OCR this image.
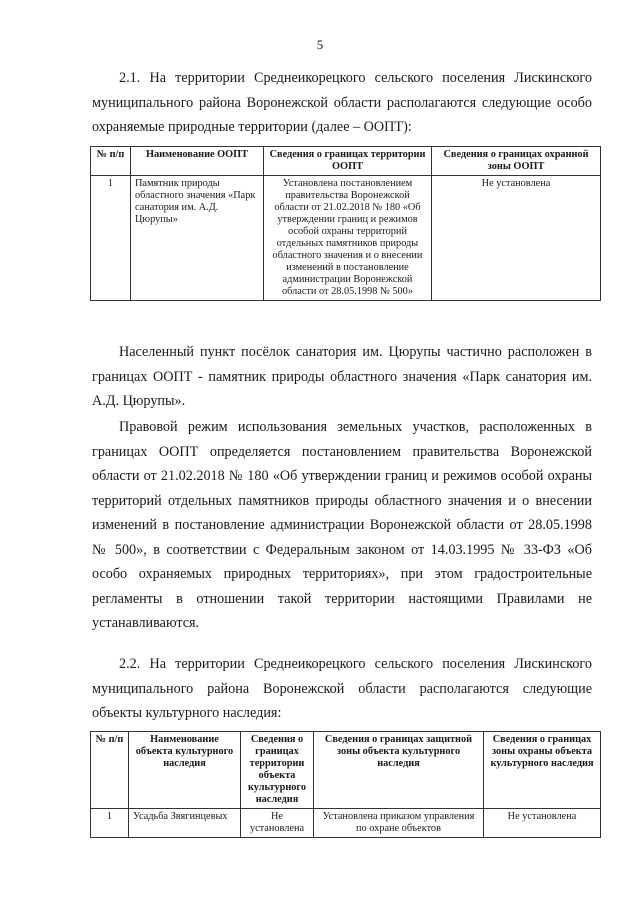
5

2.1. На территории Среднеикорецкого сельского поселения Лискинского муниципального района Воронежской области располагаются следующие особо охраняемые природные территории (далее – ООПТ):

№ п/п	Наименование ООПТ	Сведения о границах территории ООПТ	Сведения о границах охранной зоны ООПТ
1	Памятник природы областного значения «Парк санатория им. А.Д. Цюрупы»	Установлена постановлением правительства Воронежской области от 21.02.2018 № 180 «Об утверждении границ и режимов особой охраны территорий отдельных памятников природы областного значения и о внесении изменений в постановление администрации Воронежской области от 28.05.1998 № 500»	Не установлена

Населенный пункт посёлок санатория им. Цюрупы частично расположен в границах ООПТ - памятник природы областного значения «Парк санатория им. А.Д. Цюрупы».

Правовой режим использования земельных участков, расположенных в границах ООПТ определяется постановлением правительства Воронежской области от 21.02.2018 № 180 «Об утверждении границ и режимов особой охраны территорий отдельных памятников природы областного значения и о внесении изменений в постановление администрации Воронежской области от 28.05.1998 № 500», в соответствии с Федеральным законом от 14.03.1995 № 33-ФЗ «Об особо охраняемых природных территориях», при этом градостроительные регламенты в отношении такой территории настоящими Правилами не устанавливаются.

2.2. На территории Среднеикорецкого сельского поселения Лискинского муниципального района Воронежской области располагаются следующие объекты культурного наследия:

№ п/п	Наименование объекта культурного наследия	Сведения о границах территории объекта культурного наследия	Сведения о границах защитной зоны объекта культурного наследия	Сведения о границах зоны охраны объекта культурного наследия
1	Усадьба Звягинцевых	Не установлена	Установлена приказом управления по охране объектов	Не установлена
